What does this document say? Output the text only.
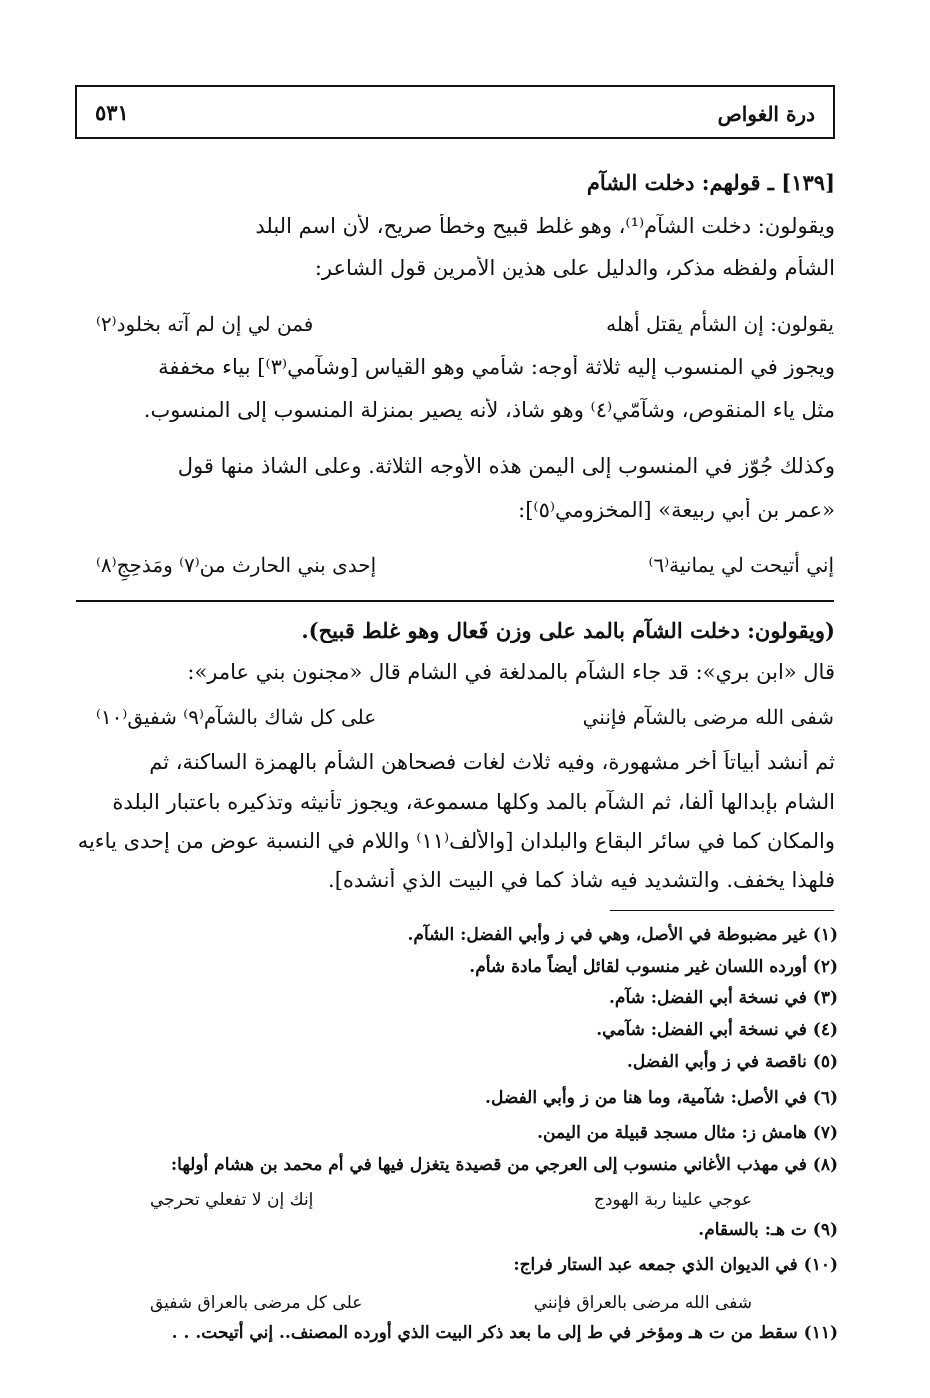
درة الغواص
٥٣١
[١٣٩] ـ قولهم: دخلت الشآم
ويقولون: دخلت الشآم⁽¹⁾، وهو غلط قبيح وخطأ صريح، لأن اسم البلد
الشأم ولفظه مذكر، والدليل على هذين الأمرين قول الشاعر:
يقولون: إن الشأم يقتل أهله
فمن لي إن لم آته بخلود⁽٢⁾
ويجوز في المنسوب إليه ثلاثة أوجه: شأمي وهو القياس [وشآمي⁽٣⁾] بياء مخففة
مثل ياء المنقوص، وشآمّي⁽٤⁾ وهو شاذ، لأنه يصير بمنزلة المنسوب إلى المنسوب.
وكذلك جُوّز في المنسوب إلى اليمن هذه الأوجه الثلاثة. وعلى الشاذ منها قول
«عمر بن أبي ربيعة» [المخزومي⁽٥⁾]:
إني أتيحت لي يمانية⁽٦⁾
إحدى بني الحارث من⁽٧⁾ ومَذحِجِ⁽٨⁾
(ويقولون: دخلت الشآم بالمد على وزن فَعال وهو غلط قبيح).
قال «ابن بري»: قد جاء الشآم بالمدلغة في الشام قال «مجنون بني عامر»:
شفى الله مرضى بالشآم فإنني
على كل شاك بالشآم⁽٩⁾ شفيق⁽١٠⁾
ثم أنشد أبياتاً أخر مشهورة، وفيه ثلاث لغات فصحاهن الشأم بالهمزة الساكنة، ثم
الشام بإبدالها ألفا، ثم الشآم بالمد وكلها مسموعة، ويجوز تأنيثه وتذكيره باعتبار البلدة
والمكان كما في سائر البقاع والبلدان [والألف⁽١١⁾ واللام في النسبة عوض من إحدى ياءيه
فلهذا يخفف. والتشديد فيه شاذ كما في البيت الذي أنشده].
(١) غير مضبوطة في الأصل، وهي في ز وأبي الفضل: الشآم.
(٢) أورده اللسان غير منسوب لقائل أيضاً مادة شأم.
(٣) في نسخة أبي الفضل: شآم.
(٤) في نسخة أبي الفضل: شآمي.
(٥) ناقصة في ز وأبي الفضل.
(٦) في الأصل: شآمية، وما هنا من ز وأبي الفضل.
(٧) هامش ز: مثال مسجد قبيلة من اليمن.
(٨) في مهذب الأغاني منسوب إلى العرجي من قصيدة يتغزل فيها في أم محمد بن هشام أولها:
عوجي علينا ربة الهودج
إنك إن لا تفعلي تحرجي
(٩) ت هـ: بالسقام.
(١٠) في الديوان الذي جمعه عبد الستار فراج:
شفى الله مرضى بالعراق فإنني
على كل مرضى بالعراق شفيق
(١١) سقط من ت هـ ومؤخر في ط إلى ما بعد ذكر البيت الذي أورده المصنف.. إني أتيحت. . .
